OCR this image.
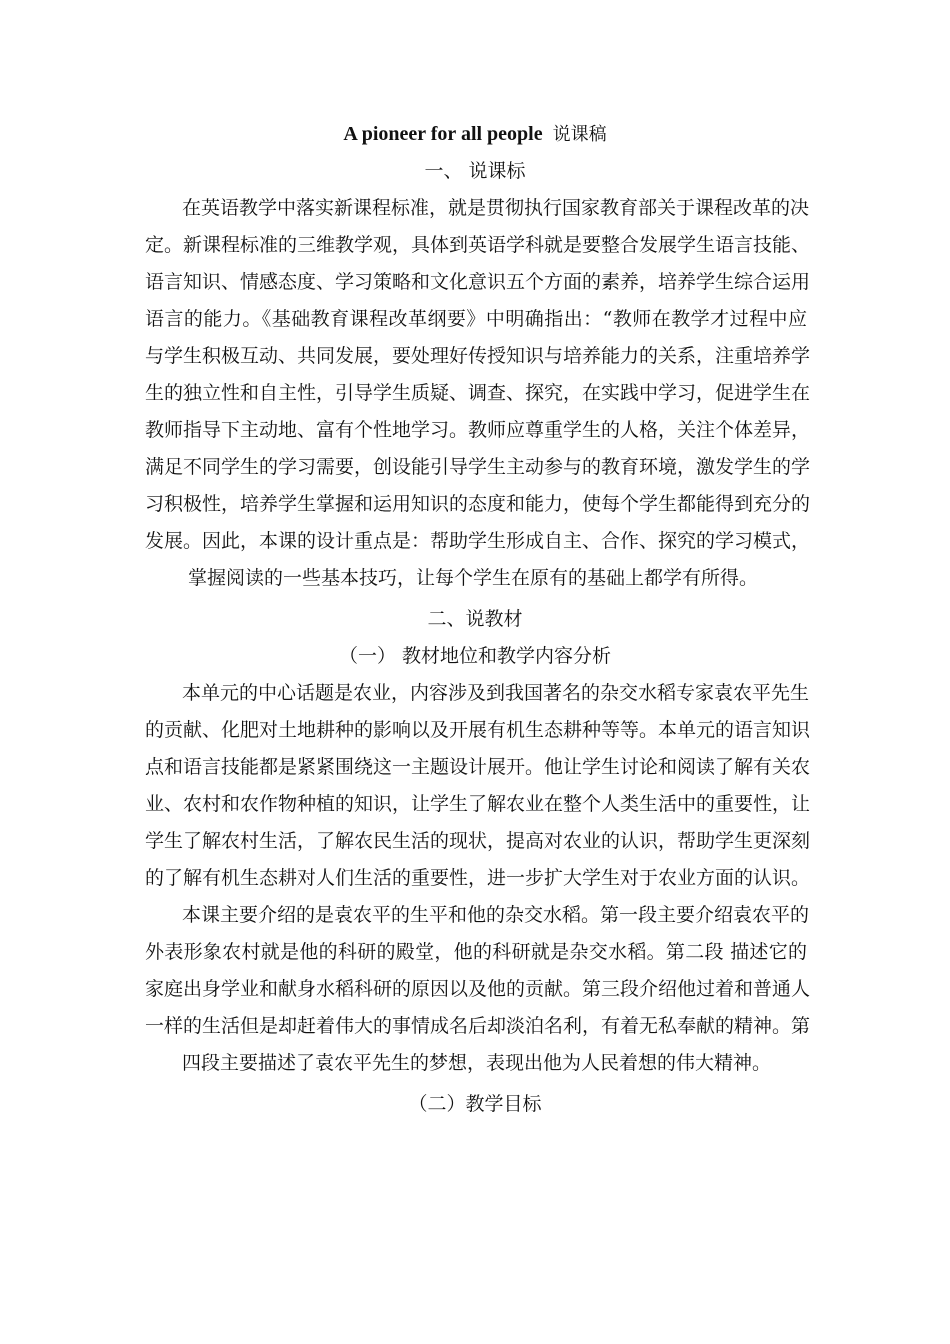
A pioneer for all people 说课稿
一、 说课标
在英语教学中落实新课程标准，就是贯彻执行国家教育部关于课程改革的决
定。新课程标准的三维教学观，具体到英语学科就是要整合发展学生语言技能、
语言知识、情感态度、学习策略和文化意识五个方面的素养，培养学生综合运用
语言的能力。《基础教育课程改革纲要》中明确指出：“教师在教学才过程中应
与学生积极互动、共同发展，要处理好传授知识与培养能力的关系，注重培养学
生的独立性和自主性，引导学生质疑、调查、探究，在实践中学习，促进学生在
教师指导下主动地、富有个性地学习。教师应尊重学生的人格，关注个体差异，
满足不同学生的学习需要，创设能引导学生主动参与的教育环境，激发学生的学
习积极性，培养学生掌握和运用知识的态度和能力，使每个学生都能得到充分的
发展。因此，本课的设计重点是：帮助学生形成自主、合作、探究的学习模式，
掌握阅读的一些基本技巧，让每个学生在原有的基础上都学有所得。
二、说教材
（一） 教材地位和教学内容分析
本单元的中心话题是农业，内容涉及到我国著名的杂交水稻专家袁农平先生
的贡献、化肥对土地耕种的影响以及开展有机生态耕种等等。本单元的语言知识
点和语言技能都是紧紧围绕这一主题设计展开。他让学生讨论和阅读了解有关农
业、农村和农作物种植的知识，让学生了解农业在整个人类生活中的重要性，让
学生了解农村生活，了解农民生活的现状，提高对农业的认识，帮助学生更深刻
的了解有机生态耕对人们生活的重要性，进一步扩大学生对于农业方面的认识。
本课主要介绍的是袁农平的生平和他的杂交水稻。第一段主要介绍袁农平的
外表形象农村就是他的科研的殿堂，他的科研就是杂交水稻。第二段 描述它的
家庭出身学业和献身水稻科研的原因以及他的贡献。第三段介绍他过着和普通人
一样的生活但是却赶着伟大的事情成名后却淡泊名利，有着无私奉献的精神。第
四段主要描述了袁农平先生的梦想，表现出他为人民着想的伟大精神。
（二）教学目标
